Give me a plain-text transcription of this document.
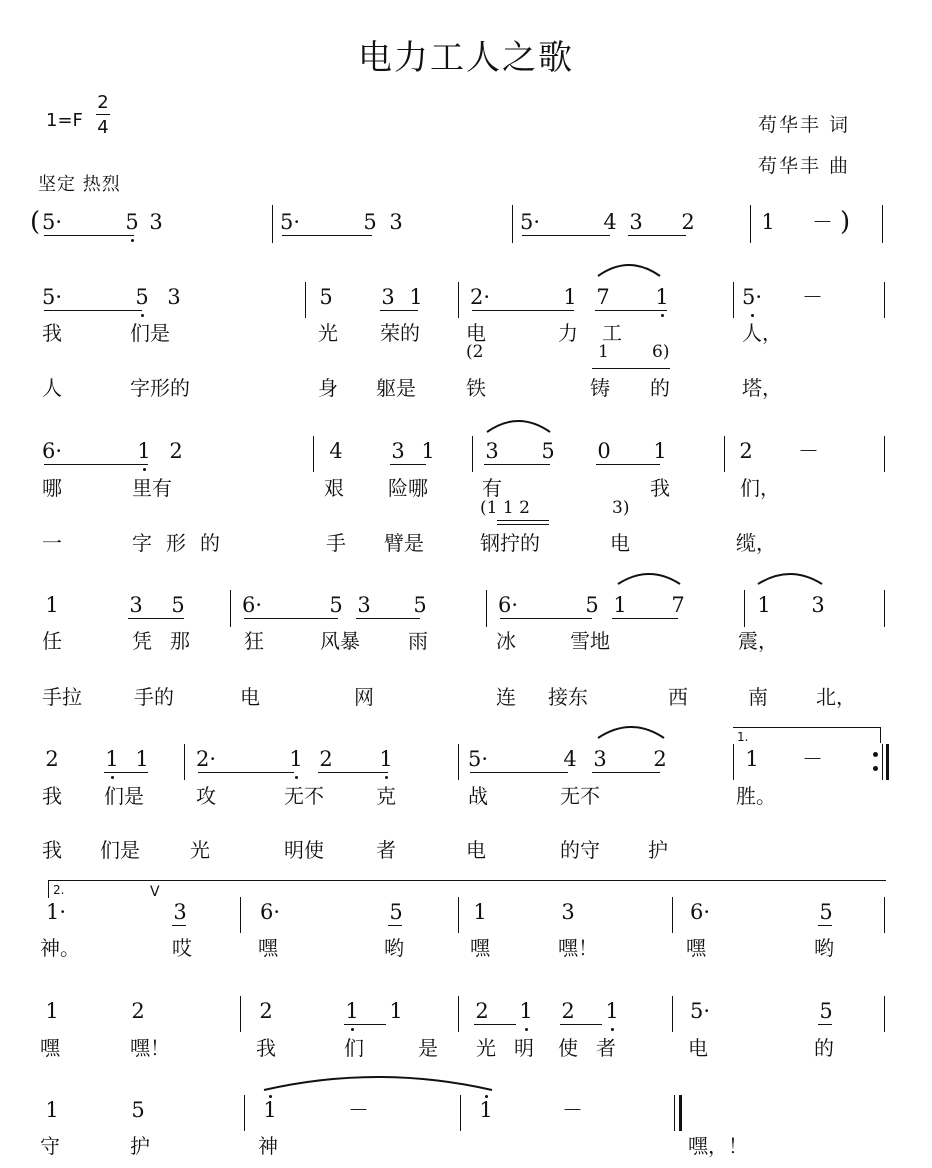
电力工人之歌
1=F
2
4
坚定 热烈
苟华丰 词
苟华丰 曲
( 5·	5 3	5·	5 3	5·	4 3 2	1 － )
5·	5 3	5 3 1 2·	1 7 1	5· －
我	们是	光 荣的 电	力 工	人，
(2	1	6)
人	字形的	身 躯是	铁	铸 的	塔，
6·	1 2	4 3 1 3 5 0 1	2 －
哪	里有	艰 险哪	有	我	们，
(1 1 2	3)
一	字 形 的	手 臂是	钢拧的	电	缆，
1	3 5	6·	5 3 5	6·	5 1 7	1 3
任	凭 那	狂	风暴 雨	冰	雪地	震，
手拉	手的	电	网	连 接东	西	南 北，
2 1 1 2·	1 2 1	5·	4 3 2
1.
1 －
我 们是	攻	无不	克	战	无不	胜。
我 们是	光	明使	者	电	的守 护
2.	V
1·	3	6·	5	1	3	6·	5
神。	哎	嘿	哟	嘿	嘿！	嘿	哟
1	2	2	1 1	2 1 2 1	5·	5
嘿	嘿！	我	们	是 光 明 使 者	电	的
1	5	1	－	1	－
守	护	神	嘿，！
